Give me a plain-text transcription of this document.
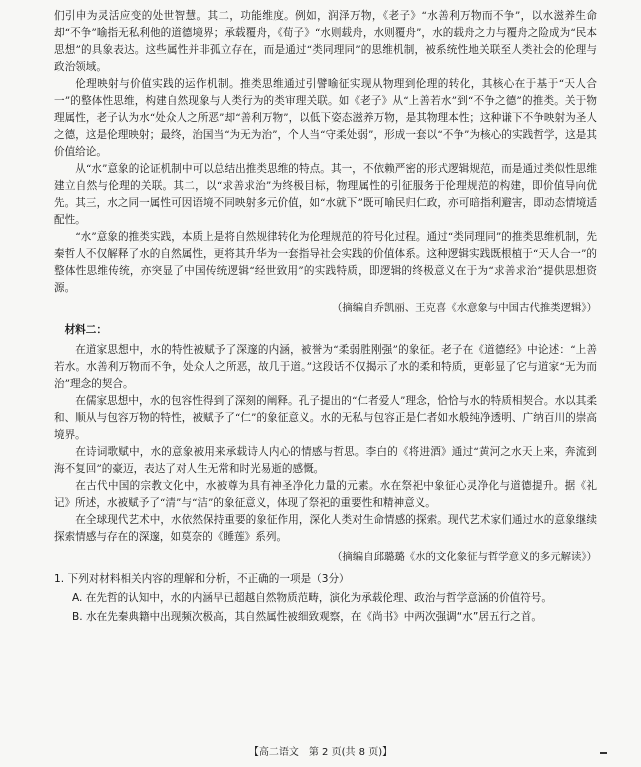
们引申为灵活应变的处世智慧。其二，功能维度。例如，润泽万物，《老子》“水善利万物而不争”，以水滋养生命却“不争”喻指无私利他的道德境界；承载覆舟，《荀子》“水则载舟，水则覆舟”，水的载舟之力与覆舟之险成为“民本思想”的具象表达。这些属性并非孤立存在，而是通过“类同理同”的思维机制，被系统性地关联至人类社会的伦理与政治领域。

伦理映射与价值实践的运作机制。推类思维通过引譬喻征实现从物理到伦理的转化，其核心在于基于“天人合一”的整体性思维，构建自然现象与人类行为的类审理关联。如《老子》从“上善若水”到“不争之德”的推类。关于物理属性，老子认为水“处众人之所恶”却“善利万物”，以低下姿态滋养万物，是其物理本性；这种谦下不争映射为圣人之德，这是伦理映射；最终，治国当“为无为治”，个人当“守柔处弱”，形成一套以“不争”为核心的实践哲学，这是其价值给论。

从“水”意象的论证机制中可以总结出推类思维的特点。其一，不依赖严密的形式逻辑规范，而是通过类似性思维建立自然与伦理的关联。其二，以“求善求治”为终极目标，物理属性的引征服务于伦理规范的构建，即价值导向优先。其三，水之同一属性可因语境不同映射多元价值，如“水就下”既可喻民归仁政，亦可暗指利避害，即动态情境适配性。

“水”意象的推类实践，本质上是将自然规律转化为伦理规范的符号化过程。通过“类同理同”的推类思维机制，先秦哲人不仅解释了水的自然属性，更将其升华为一套指导社会实践的价值体系。这种逻辑实践既根植于“天人合一”的整体性思维传统，亦突显了中国传统逻辑“经世致用”的实践特质，即逻辑的终极意义在于为“求善求治”提供思想资源。

（摘编自乔凯丽、王克喜《水意象与中国古代推类逻辑》）

材料二：

在道家思想中，水的特性被赋予了深邃的内涵，被誉为“柔弱胜刚强”的象征。老子在《道德经》中论述：“上善若水。水善利万物而不争，处众人之所恶，故几于道。”这段话不仅揭示了水的柔和特质，更彰显了它与道家“无为而治”理念的契合。

在儒家思想中，水的包容性得到了深刻的阐释。孔子提出的“仁者爱人”理念，恰恰与水的特质相契合。水以其柔和、顺从与包容万物的特性，被赋予了“仁”的象征意义。水的无私与包容正是仁者如水般纯净透明、广纳百川的崇高境界。

在诗词歌赋中，水的意象被用来承载诗人内心的情感与哲思。李白的《将进酒》通过“黄河之水天上来，奔流到海不复回”的豪迈，表达了对人生无常和时光易逝的感慨。

在古代中国的宗教文化中，水被尊为具有神圣净化力量的元素。水在祭祀中象征心灵净化与道德提升。据《礼记》所述，水被赋予了“清”与“洁”的象征意义，体现了祭祀的重要性和精神意义。

在全球现代艺术中，水依然保持重要的象征作用，深化人类对生命情感的探索。现代艺术家们通过水的意象继续探索情感与存在的深邃，如莫奈的《睡莲》系列。

（摘编自邱璐璐《水的文化象征与哲学意义的多元解读》）

1. 下列对材料相关内容的理解和分析，不正确的一项是（3分）

A. 在先哲的认知中，水的内涵早已超越自然物质范畴，演化为承载伦理、政治与哲学意涵的价值符号。

B. 水在先秦典籍中出现频次极高，其自然属性被细致观察，在《尚书》中两次强调“水”居五行之首。

【高二语文　第 2 页(共 8 页)】
